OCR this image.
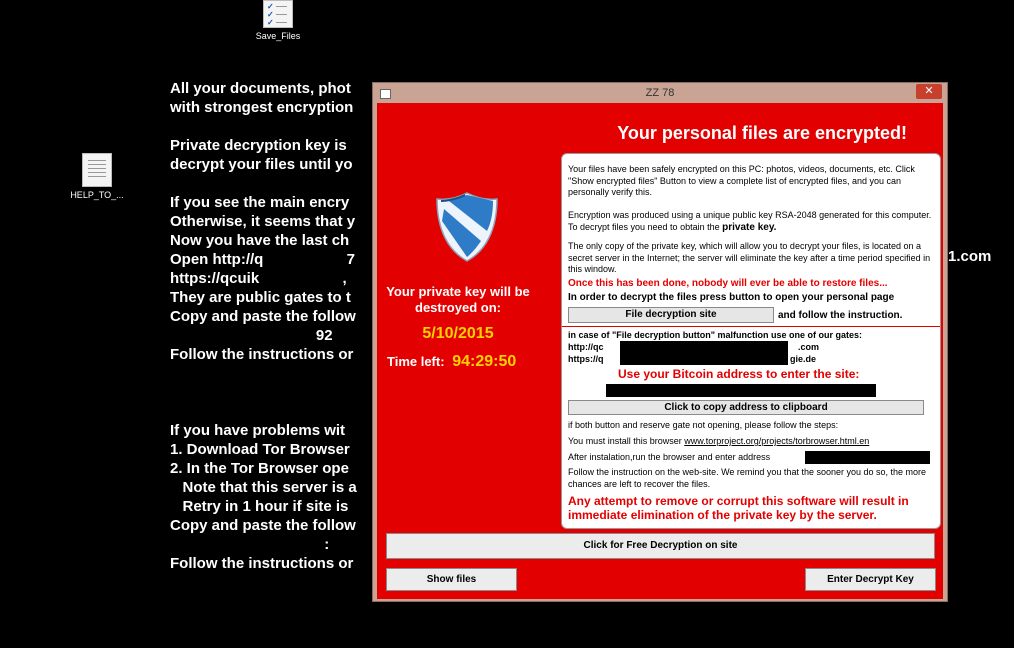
✓
✓
✓
Save_Files
HELP_TO_...
All your documents, phot
with strongest encryption
Private decryption key is
decrypt your files until yo
If you see the main encry
Otherwise, it seems that y
Now you have the last ch
Open http://q                    7
https://qcuik                    ,
They are public gates to t
Copy and paste the follow
92
Follow the instructions or
If you have problems wit
1. Download Tor Browser
2. In the Tor Browser ope
Note that this server is a
Retry in 1 hour if site is
Copy and paste the follow
:
Follow the instructions or
1.com
ZZ 78	✕
Your personal files are encrypted!
Your private key will be destroyed on:
5/10/2015
Time left: 94:29:50
Your files have been safely encrypted on this PC: photos, videos, documents, etc. Click "Show encrypted files" Button to view a complete list of encrypted files, and you can personally verify this.
Encryption was produced using a unique public key RSA-2048 generated for this computer. To decrypt files you need to obtain the private key.
The only copy of the private key, which will allow you to decrypt your files, is located on a secret server in the Internet; the server will eliminate the key after a time period specified in this window.
Once this has been done, nobody will ever be able to restore files...
In order to decrypt the files press button to open your personal page
File decryption site	and follow the instruction.
in case of "File decryption button" malfunction use one of our gates:
http://qc	.com
https://q	gie.de
Use your Bitcoin address to enter the site:
Click to copy address to clipboard
if both button and reserve gate not opening, please follow the steps:
You must install this browser www.torproject.org/projects/torbrowser.html.en
After instalation,run the browser and enter address
Follow the instruction on the web-site. We remind you that the sooner you do so, the more chances are left to recover the files.
Any attempt to remove or corrupt this software will result in immediate elimination of the private key by the server.
Click for Free Decryption on site
Show files	Enter Decrypt Key
